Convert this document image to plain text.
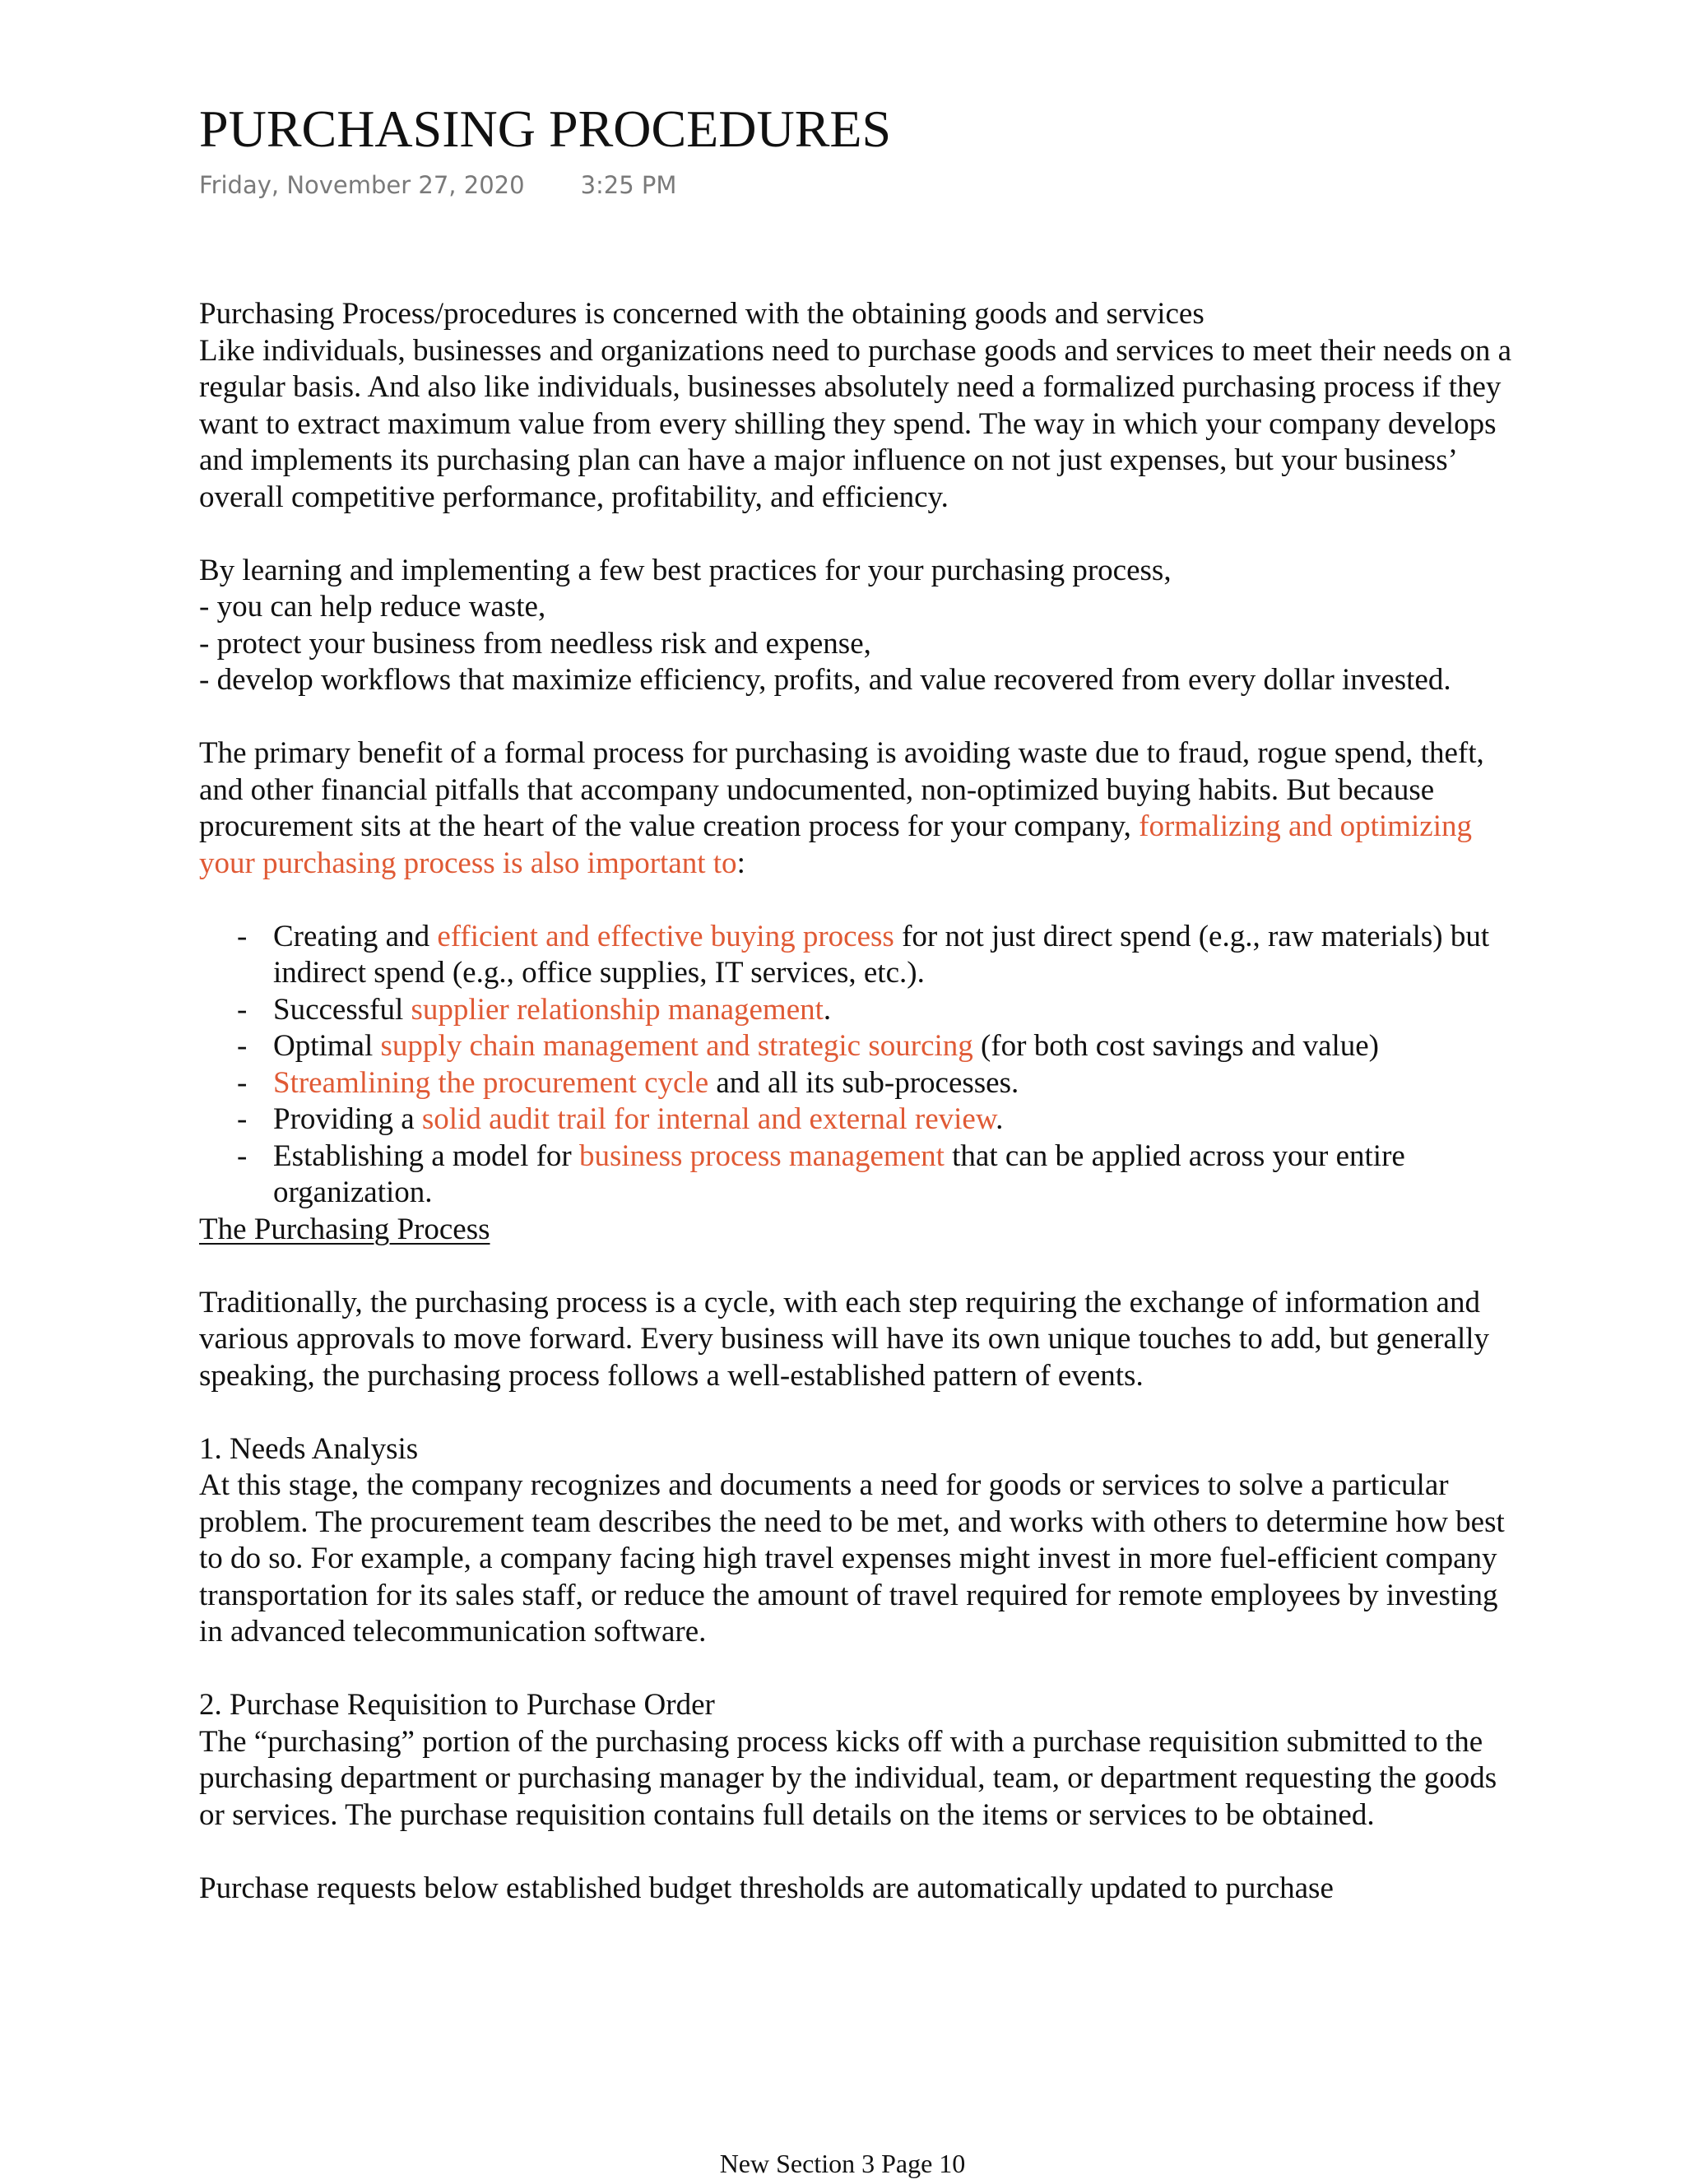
PURCHASING PROCEDURES
Friday, November 27, 2020 3:25 PM

Purchasing Process/procedures is concerned with the obtaining goods and services

Like individuals, businesses and organizations need to purchase goods and services to meet their needs on a regular basis. And also like individuals, businesses absolutely need a formalized purchasing process if they want to extract maximum value from every shilling they spend. The way in which your company develops and implements its purchasing plan can have a major influence on not just expenses, but your business’ overall competitive performance, profitability, and efficiency.

By learning and implementing a few best practices for your purchasing process,

- you can help reduce waste,

- protect your business from needless risk and expense,

- develop workflows that maximize efficiency, profits, and value recovered from every dollar invested.

The primary benefit of a formal process for purchasing is avoiding waste due to fraud, rogue spend, theft, and other financial pitfalls that accompany undocumented, non-optimized buying habits. But because procurement sits at the heart of the value creation process for your company, formalizing and optimizing your purchasing process is also important to:

- Creating and efficient and effective buying process for not just direct spend (e.g., raw materials) but indirect spend (e.g., office supplies, IT services, etc.).
- Successful supplier relationship management.
- Optimal supply chain management and strategic sourcing (for both cost savings and value)
- Streamlining the procurement cycle and all its sub-processes.
- Providing a solid audit trail for internal and external review.
- Establishing a model for business process management that can be applied across your entire organization.

The Purchasing Process

Traditionally, the purchasing process is a cycle, with each step requiring the exchange of information and various approvals to move forward. Every business will have its own unique touches to add, but generally speaking, the purchasing process follows a well-established pattern of events.

1. Needs Analysis

At this stage, the company recognizes and documents a need for goods or services to solve a particular problem. The procurement team describes the need to be met, and works with others to determine how best to do so. For example, a company facing high travel expenses might invest in more fuel-efficient company transportation for its sales staff, or reduce the amount of travel required for remote employees by investing in advanced telecommunication software.

2. Purchase Requisition to Purchase Order

The “purchasing” portion of the purchasing process kicks off with a purchase requisition submitted to the purchasing department or purchasing manager by the individual, team, or department requesting the goods or services. The purchase requisition contains full details on the items or services to be obtained.

Purchase requests below established budget thresholds are automatically updated to purchase

New Section 3 Page 10
